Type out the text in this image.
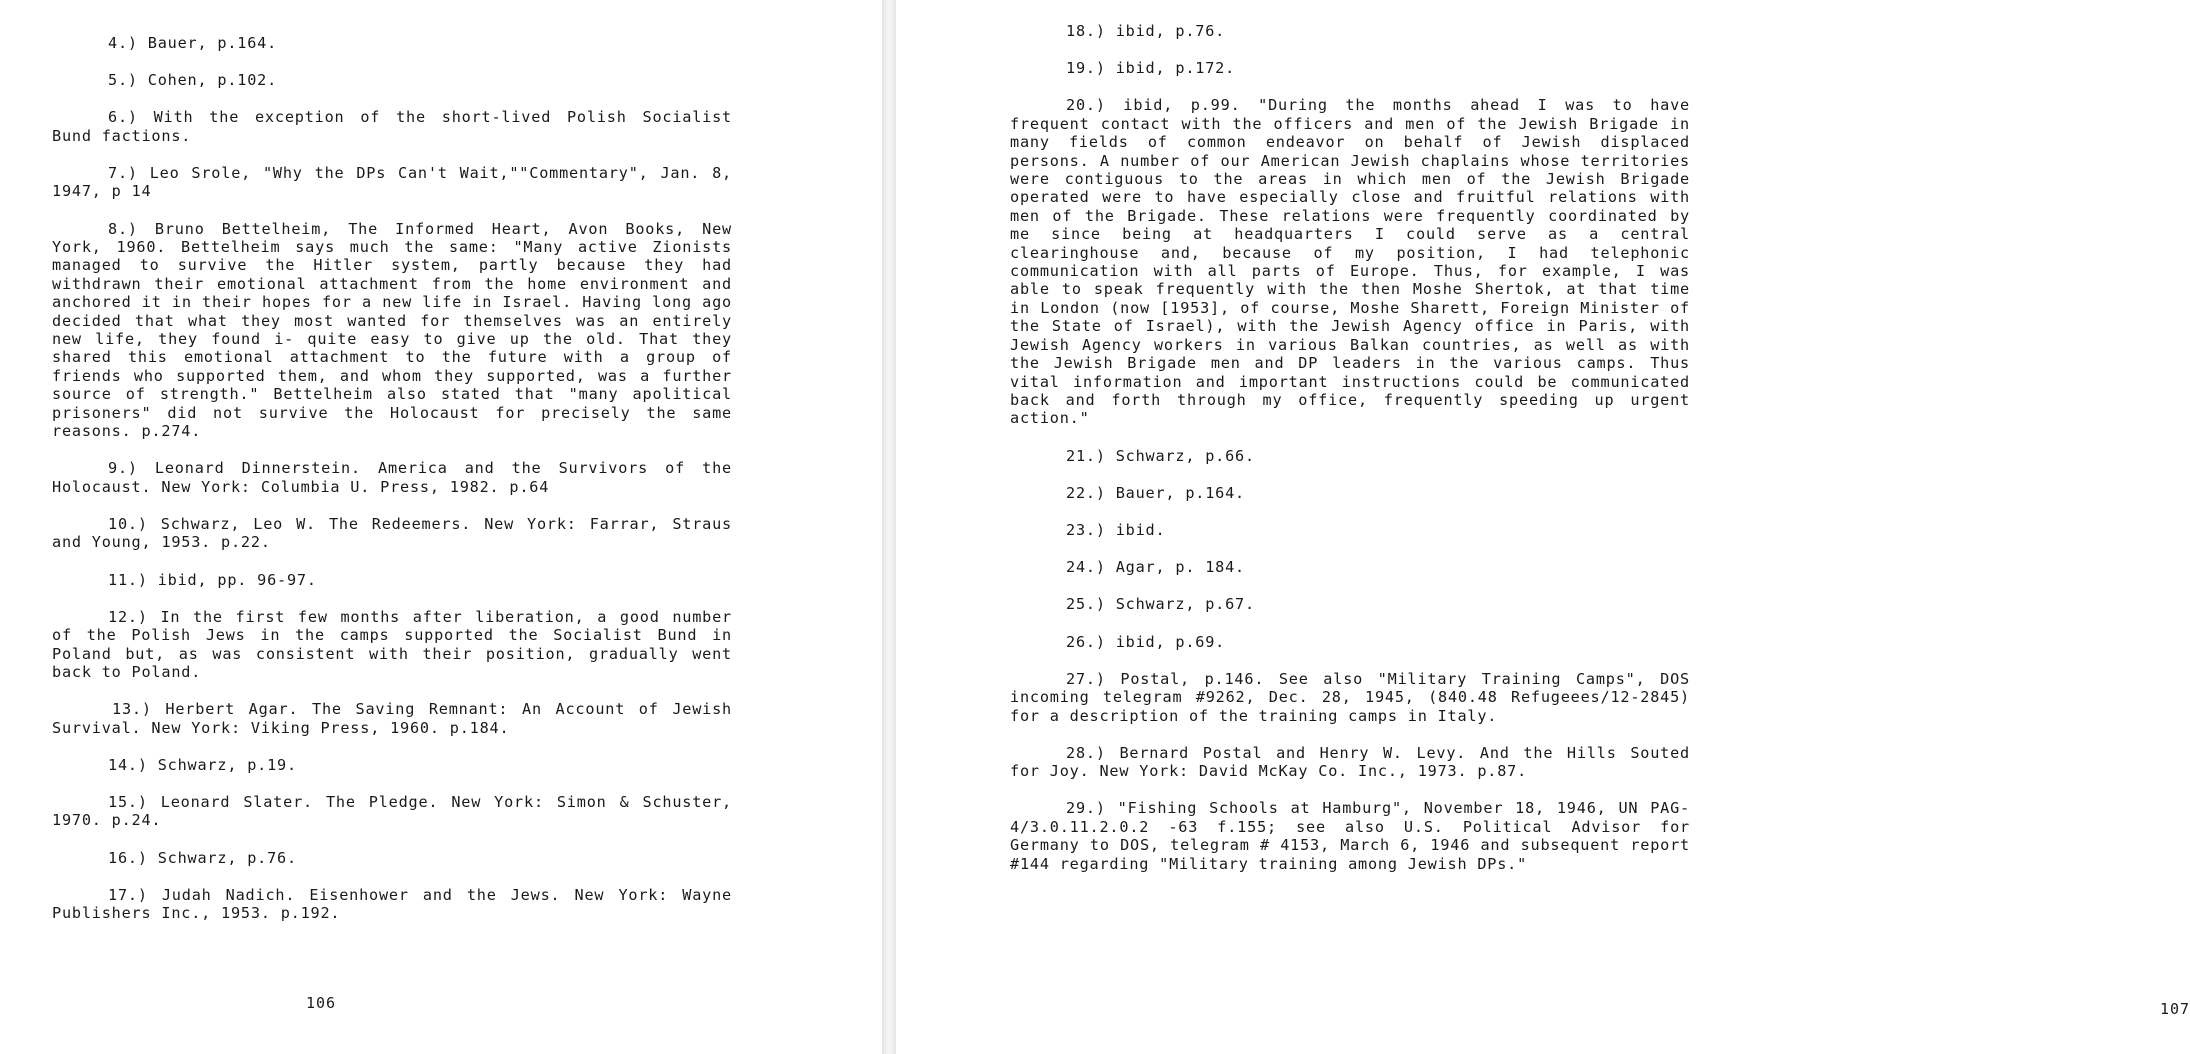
4.) Bauer, p.164.

5.) Cohen, p.102.

6.) With the exception of the short-lived Polish Socialist Bund factions.

7.) Leo Srole, "Why the DPs Can't Wait,""Commentary", Jan. 8, 1947, p 14

8.) Bruno Bettelheim, The Informed Heart, Avon Books, New York, 1960. Bettelheim says much the same: "Many active Zionists managed to survive the Hitler system, partly because they had withdrawn their emotional attachment from the home environment and anchored it in their hopes for a new life in Israel. Having long ago decided that what they most wanted for themselves was an entirely new life, they found i- quite easy to give up the old. That they shared this emotional attachment to the future with a group of friends who supported them, and whom they supported, was a further source of strength." Bettelheim also stated that "many apolitical prisoners" did not survive the Holocaust for precisely the same reasons. p.274.

9.) Leonard Dinnerstein. America and the Survivors of the Holocaust. New York: Columbia U. Press, 1982. p.64

10.) Schwarz, Leo W. The Redeemers. New York: Farrar, Straus and Young, 1953. p.22.

11.) ibid, pp. 96-97.

12.) In the first few months after liberation, a good number of the Polish Jews in the camps supported the Socialist Bund in Poland but, as was consistent with their position, gradually went back to Poland.

13.) Herbert Agar. The Saving Remnant: An Account of Jewish Survival. New York: Viking Press, 1960. p.184.

14.) Schwarz, p.19.

15.) Leonard Slater. The Pledge. New York: Simon & Schuster, 1970. p.24.

16.) Schwarz, p.76.

17.) Judah Nadich. Eisenhower and the Jews. New York: Wayne Publishers Inc., 1953. p.192.

106

18.) ibid, p.76.

19.) ibid, p.172.

20.) ibid, p.99. "During the months ahead I was to have frequent contact with the officers and men of the Jewish Brigade in many fields of common endeavor on behalf of Jewish displaced persons. A number of our American Jewish chaplains whose territories were contiguous to the areas in which men of the Jewish Brigade operated were to have especially close and fruitful relations with men of the Brigade. These relations were frequently coordinated by me since being at headquarters I could serve as a central clearinghouse and, because of my position, I had telephonic communication with all parts of Europe. Thus, for example, I was able to speak frequently with the then Moshe Shertok, at that time in London (now [1953], of course, Moshe Sharett, Foreign Minister of the State of Israel), with the Jewish Agency office in Paris, with Jewish Agency workers in various Balkan countries, as well as with the Jewish Brigade men and DP leaders in the various camps. Thus vital information and important instructions could be communicated back and forth through my office, frequently speeding up urgent action."

21.) Schwarz, p.66.

22.) Bauer, p.164.

23.) ibid.

24.) Agar, p. 184.

25.) Schwarz, p.67.

26.) ibid, p.69.

27.) Postal, p.146. See also "Military Training Camps", DOS incoming telegram #9262, Dec. 28, 1945, (840.48 Refugeees/12-2845) for a description of the training camps in Italy.

28.) Bernard Postal and Henry W. Levy. And the Hills Souted for Joy. New York: David McKay Co. Inc., 1973. p.87.

29.) "Fishing Schools at Hamburg", November 18, 1946, UN PAG-4/3.0.11.2.0.2 -63 f.155; see also U.S. Political Advisor for Germany to DOS, telegram # 4153, March 6, 1946 and subsequent report #144 regarding "Military training among Jewish DPs."

107
